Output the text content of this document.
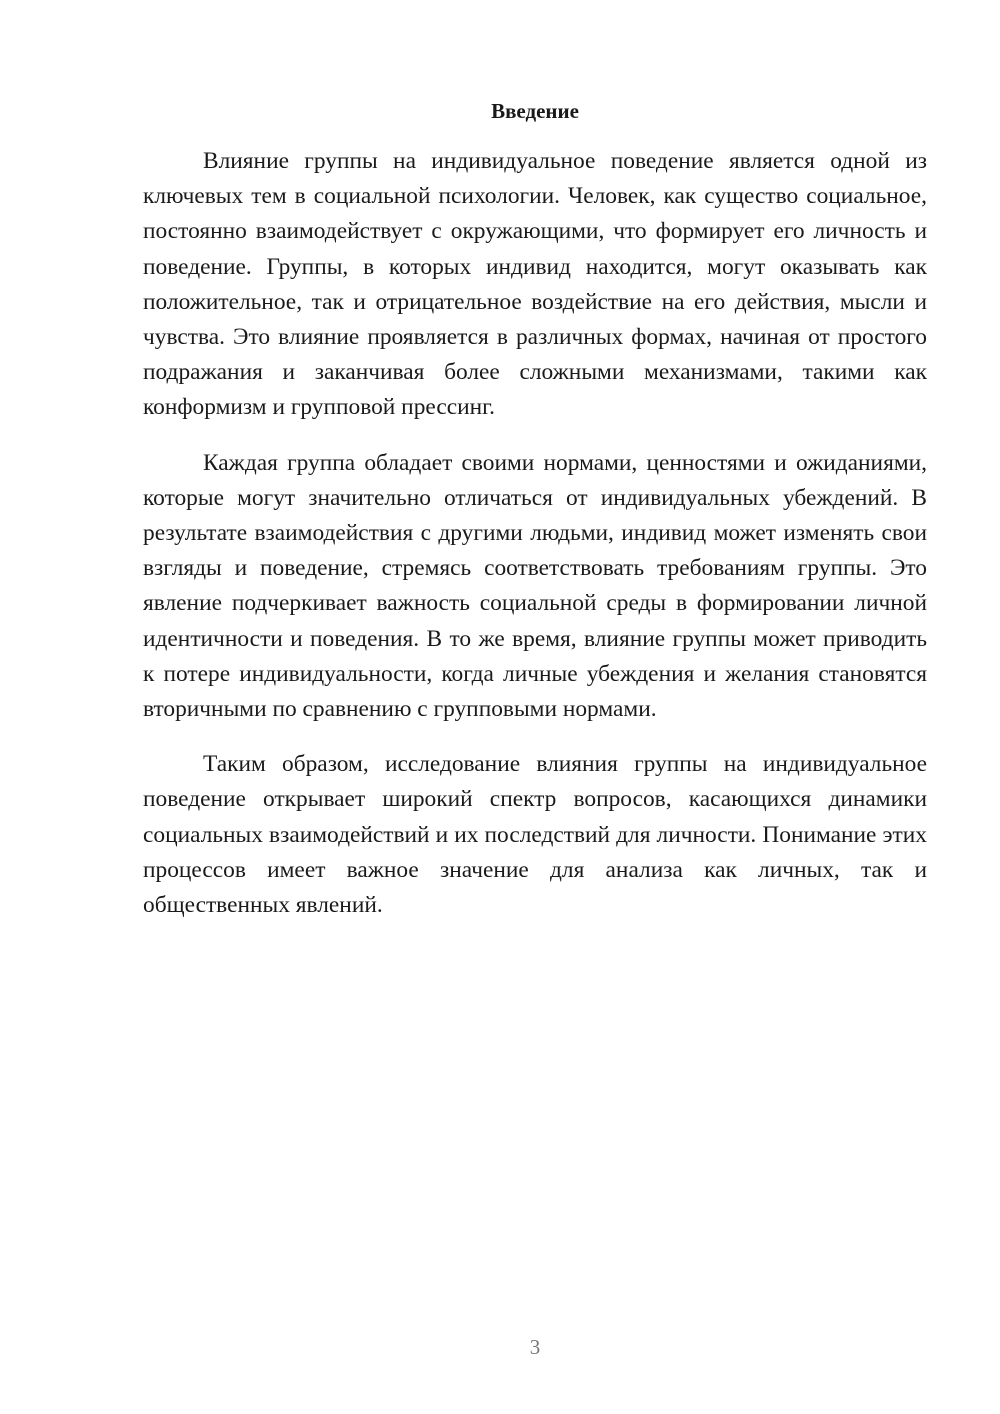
Введение

Влияние группы на индивидуальное поведение является одной из ключевых тем в социальной психологии. Человек, как существо социальное, постоянно взаимодействует с окружающими, что формирует его личность и поведение. Группы, в которых индивид находится, могут оказывать как положительное, так и отрицательное воздействие на его действия, мысли и чувства. Это влияние проявляется в различных формах, начиная от простого подражания и заканчивая более сложными механизмами, такими как конформизм и групповой прессинг.

Каждая группа обладает своими нормами, ценностями и ожиданиями, которые могут значительно отличаться от индивидуальных убеждений. В результате взаимодействия с другими людьми, индивид может изменять свои взгляды и поведение, стремясь соответствовать требованиям группы. Это явление подчеркивает важность социальной среды в формировании личной идентичности и поведения. В то же время, влияние группы может приводить к потере индивидуальности, когда личные убеждения и желания становятся вторичными по сравнению с групповыми нормами.

Таким образом, исследование влияния группы на индивидуальное поведение открывает широкий спектр вопросов, касающихся динамики социальных взаимодействий и их последствий для личности. Понимание этих процессов имеет важное значение для анализа как личных, так и общественных явлений.

3
